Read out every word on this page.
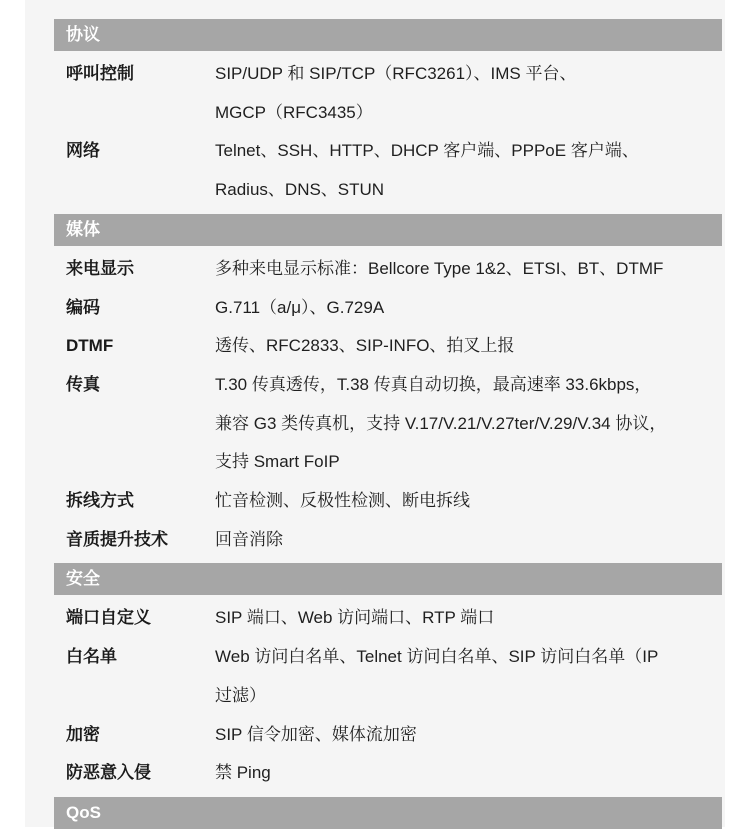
协议
呼叫控制	SIP/UDP 和 SIP/TCP（RFC3261）、IMS 平台、
MGCP（RFC3435）
网络	Telnet、SSH、HTTP、DHCP 客户端、PPPoE 客户端、
Radius、DNS、STUN
媒体
来电显示	多种来电显示标准：Bellcore Type 1&2、ETSI、BT、DTMF
编码	G.711（a/μ）、G.729A
DTMF	透传、RFC2833、SIP-INFO、拍叉上报
传真	T.30 传真透传，T.38 传真自动切换，最高速率 33.6kbps，
兼容 G3 类传真机，支持 V.17/V.21/V.27ter/V.29/V.34 协议，
支持 Smart FoIP
拆线方式	忙音检测、反极性检测、断电拆线
音质提升技术	回音消除
安全
端口自定义	SIP 端口、Web 访问端口、RTP 端口
白名单	Web 访问白名单、Telnet 访问白名单、SIP 访问白名单（IP
过滤）
加密	SIP 信令加密、媒体流加密
防恶意入侵	禁 Ping
QoS
